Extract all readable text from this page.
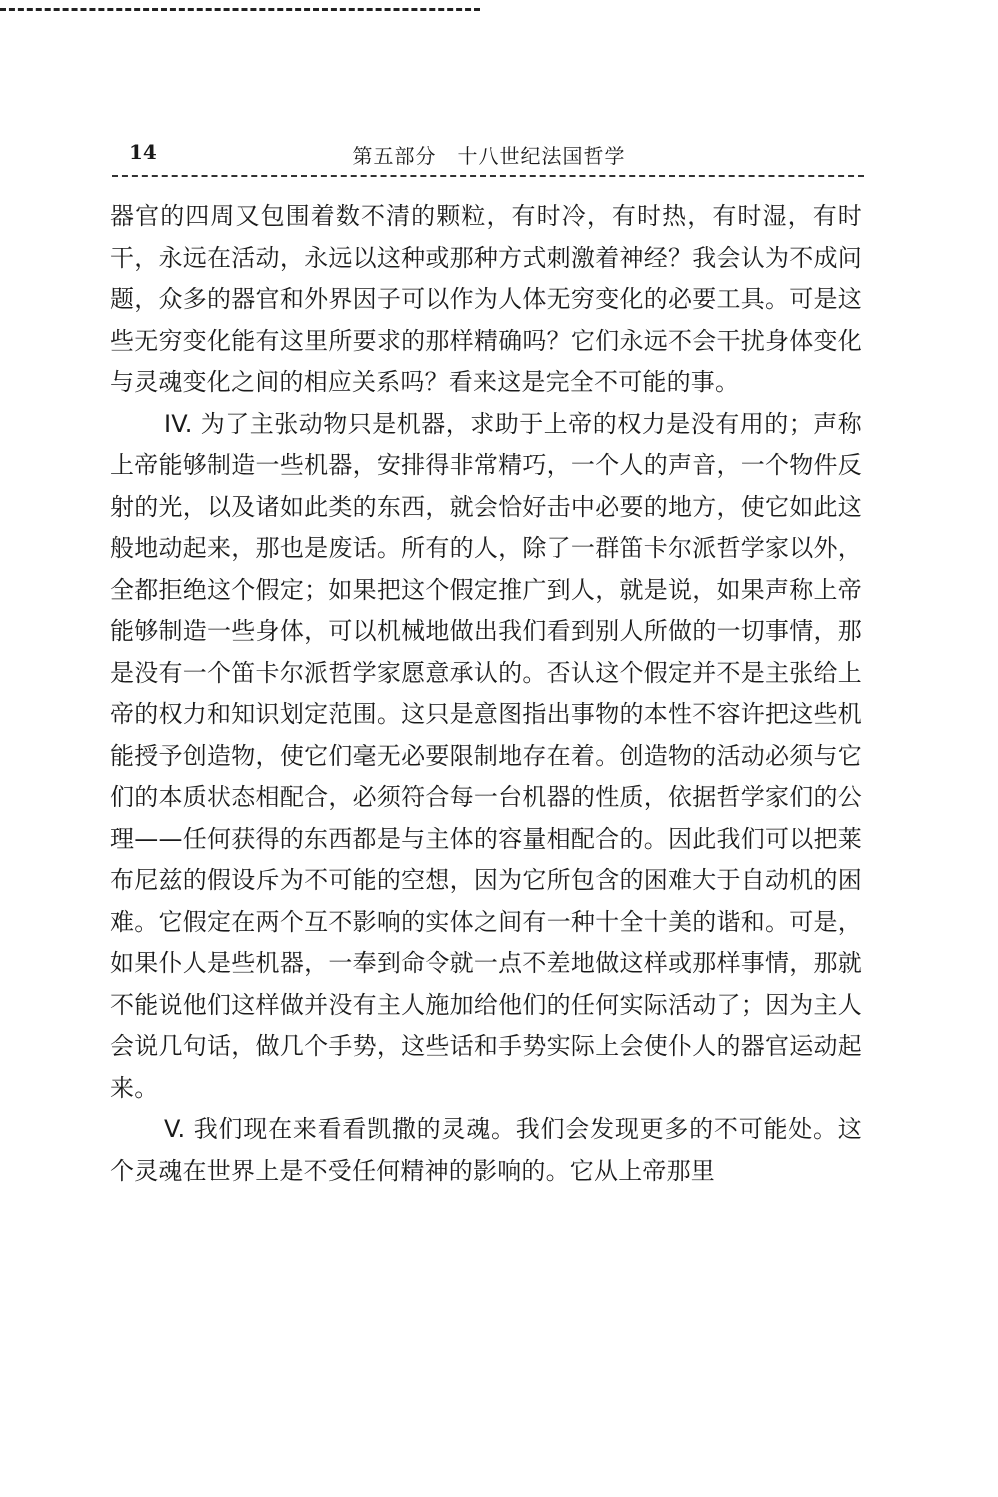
14	第五部分　十八世纪法国哲学

器官的四周又包围着数不清的颗粒，有时冷，有时热，有时湿，有时干，永远在活动，永远以这种或那种方式刺激着神经？我会认为不成问题，众多的器官和外界因子可以作为人体无穷变化的必要工具。可是这些无穷变化能有这里所要求的那样精确吗？它们永远不会干扰身体变化与灵魂变化之间的相应关系吗？看来这是完全不可能的事。

IV. 为了主张动物只是机器，求助于上帝的权力是没有用的；声称上帝能够制造一些机器，安排得非常精巧，一个人的声音，一个物件反射的光，以及诸如此类的东西，就会恰好击中必要的地方，使它如此这般地动起来，那也是废话。所有的人，除了一群笛卡尔派哲学家以外，全都拒绝这个假定；如果把这个假定推广到人，就是说，如果声称上帝能够制造一些身体，可以机械地做出我们看到别人所做的一切事情，那是没有一个笛卡尔派哲学家愿意承认的。否认这个假定并不是主张给上帝的权力和知识划定范围。这只是意图指出事物的本性不容许把这些机能授予创造物，使它们毫无必要限制地存在着。创造物的活动必须与它们的本质状态相配合，必须符合每一台机器的性质，依据哲学家们的公理——任何获得的东西都是与主体的容量相配合的。因此我们可以把莱布尼兹的假设斥为不可能的空想，因为它所包含的困难大于自动机的困难。它假定在两个互不影响的实体之间有一种十全十美的谐和。可是，如果仆人是些机器，一奉到命令就一点不差地做这样或那样事情，那就不能说他们这样做并没有主人施加给他们的任何实际活动了；因为主人会说几句话，做几个手势，这些话和手势实际上会使仆人的器官运动起来。

V. 我们现在来看看凯撒的灵魂。我们会发现更多的不可能处。这个灵魂在世界上是不受任何精神的影响的。它从上帝那里
